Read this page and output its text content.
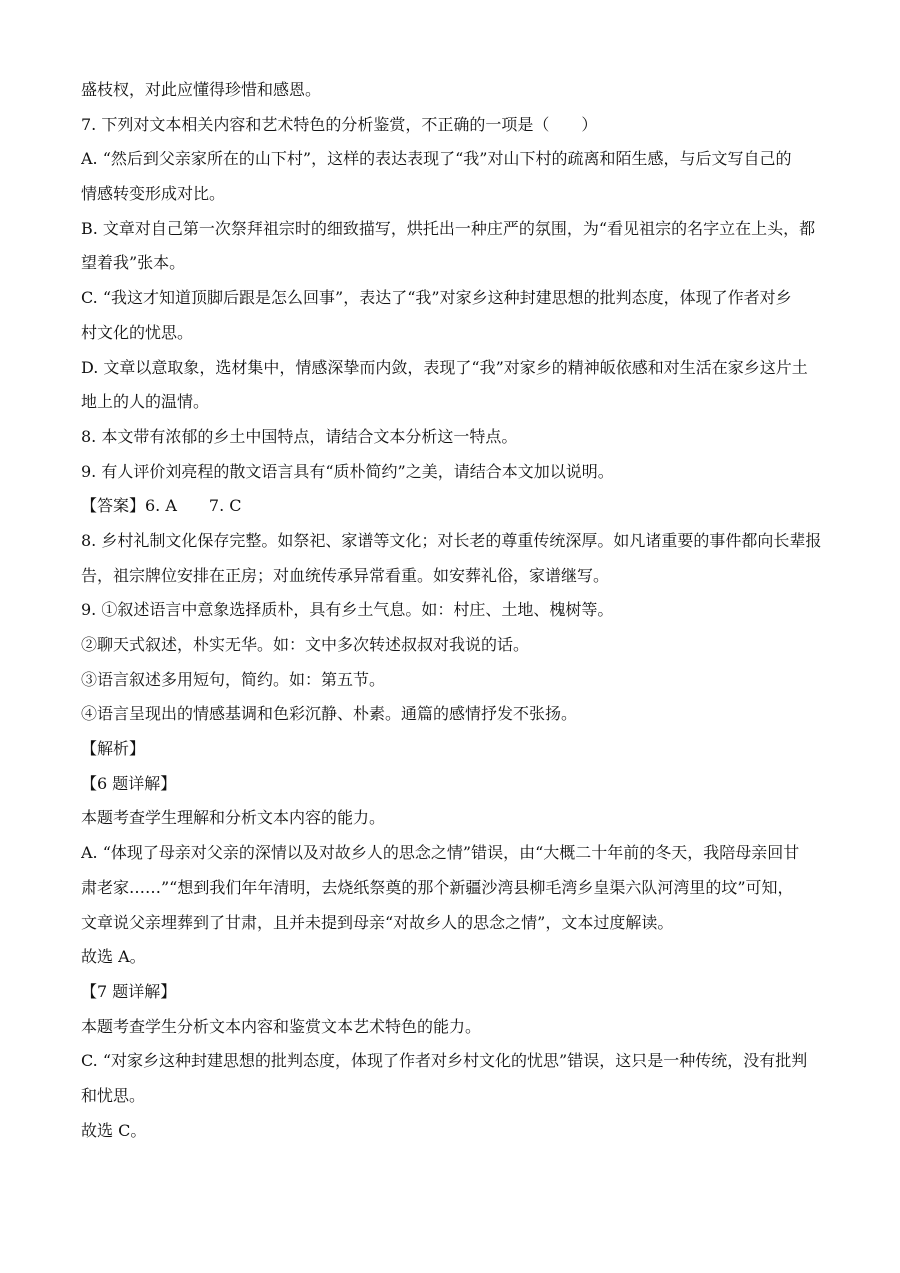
盛枝杈，对此应懂得珍惜和感恩。
7. 下列对文本相关内容和艺术特色的分析鉴赏，不正确的一项是（　　）
A. “然后到父亲家所在的山下村”，这样的表达表现了“我”对山下村的疏离和陌生感，与后文写自己的
情感转变形成对比。
B. 文章对自己第一次祭拜祖宗时的细致描写，烘托出一种庄严的氛围，为“看见祖宗的名字立在上头，都
望着我”张本。
C. “我这才知道顶脚后跟是怎么回事”，表达了“我”对家乡这种封建思想的批判态度，体现了作者对乡
村文化的忧思。
D. 文章以意取象，选材集中，情感深挚而内敛，表现了“我”对家乡的精神皈依感和对生活在家乡这片土
地上的人的温情。
8. 本文带有浓郁的乡土中国特点，请结合文本分析这一特点。
9. 有人评价刘亮程的散文语言具有“质朴简约”之美，请结合本文加以说明。
【答案】6. A　　7. C
8. 乡村礼制文化保存完整。如祭祀、家谱等文化；对长老的尊重传统深厚。如凡诸重要的事件都向长辈报
告，祖宗牌位安排在正房；对血统传承异常看重。如安葬礼俗，家谱继写。
9. ①叙述语言中意象选择质朴，具有乡土气息。如：村庄、土地、槐树等。
②聊天式叙述，朴实无华。如：文中多次转述叔叔对我说的话。
③语言叙述多用短句，简约。如：第五节。
④语言呈现出的情感基调和色彩沉静、朴素。通篇的感情抒发不张扬。
【解析】
【6 题详解】
本题考查学生理解和分析文本内容的能力。
A. “体现了母亲对父亲的深情以及对故乡人的思念之情”错误，由“大概二十年前的冬天，我陪母亲回甘
肃老家……”“想到我们年年清明，去烧纸祭奠的那个新疆沙湾县柳毛湾乡皇渠六队河湾里的坟”可知，
文章说父亲埋葬到了甘肃，且并未提到母亲“对故乡人的思念之情”，文本过度解读。
故选 A。
【7 题详解】
本题考查学生分析文本内容和鉴赏文本艺术特色的能力。
C. “对家乡这种封建思想的批判态度，体现了作者对乡村文化的忧思”错误，这只是一种传统，没有批判
和忧思。
故选 C。
